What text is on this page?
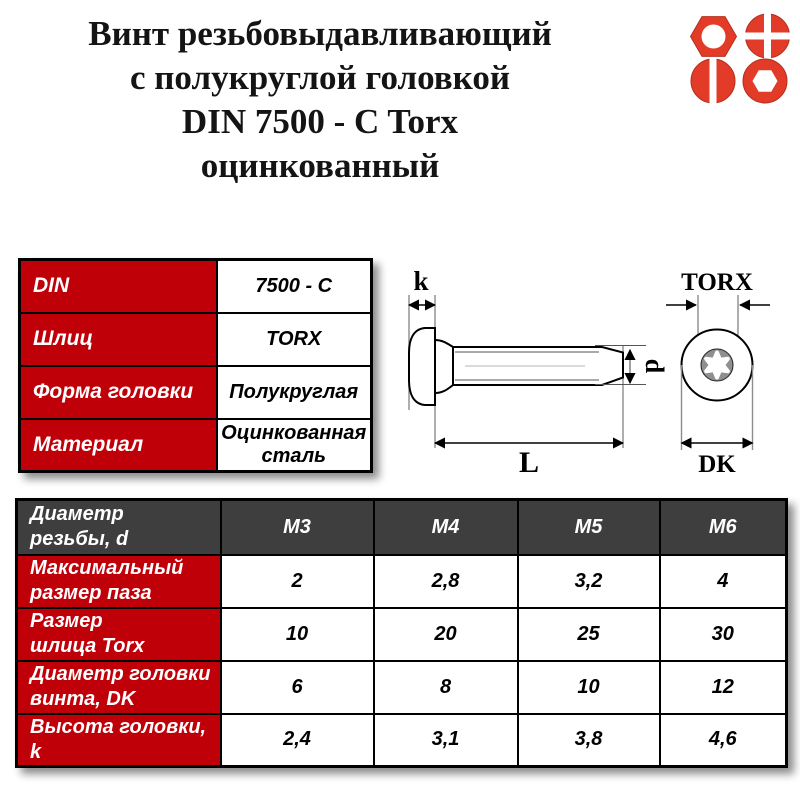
Винт резьбовыдавливающий
с полукруглой головкой
DIN 7500 - C Torx
оцинкованный
DIN	7500 - C
Шлиц	TORX
Форма головки	Полукруглая
Материал	Оцинкованная сталь
k
d
L
TORX
DK
Диаметр
резьбы, d	M3	M4	M5	M6
Максимальный
размер паза	2	2,8	3,2	4
Размер
шлица Torx	10	20	25	30
Диаметр головки
винта, DK	6	8	10	12
Высота головки, k	2,4	3,1	3,8	4,6
